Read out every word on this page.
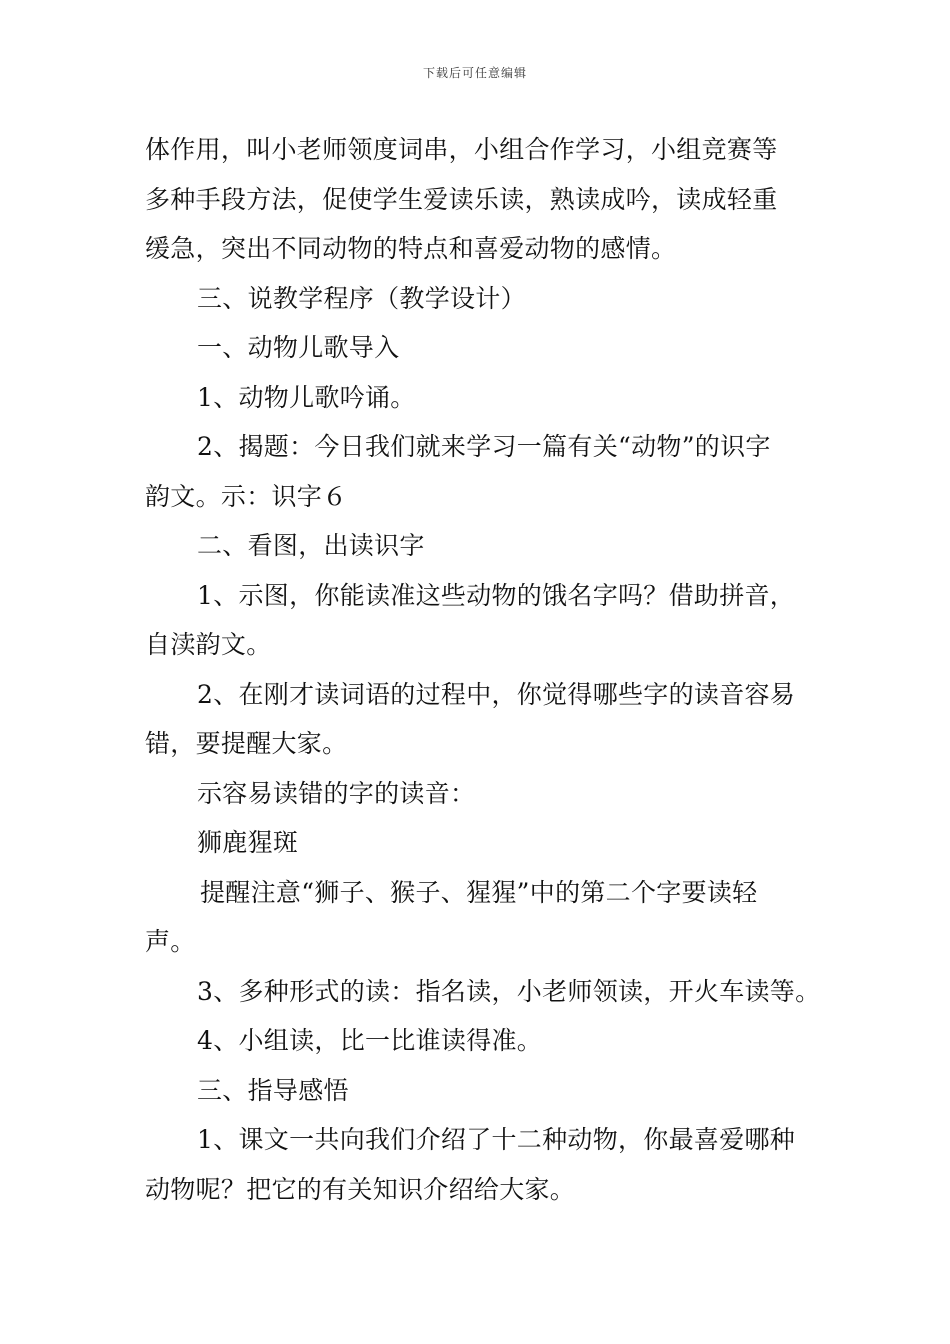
下载后可任意编辑
体作用，叫小老师领度词串，小组合作学习，小组竞赛等
多种手段方法，促使学生爱读乐读，熟读成吟，读成轻重
缓急，突出不同动物的特点和喜爱动物的感情。
三、说教学程序（教学设计）
一、动物儿歌导入
1、动物儿歌吟诵。
2、揭题：今日我们就来学习一篇有关“动物”的识字
韵文。示：识字６
二、看图，出读识字
1、示图，你能读准这些动物的饿名字吗？借助拼音，
自渎韵文。
2、在刚才读词语的过程中，你觉得哪些字的读音容易
错，要提醒大家。
示容易读错的字的读音：
狮鹿猩斑
提醒注意“狮子、猴子、猩猩”中的第二个字要读轻
声。
3、多种形式的读：指名读，小老师领读，开火车读等。
4、小组读，比一比谁读得准。
三、指导感悟
1、课文一共向我们介绍了十二种动物，你最喜爱哪种
动物呢？把它的有关知识介绍给大家。
